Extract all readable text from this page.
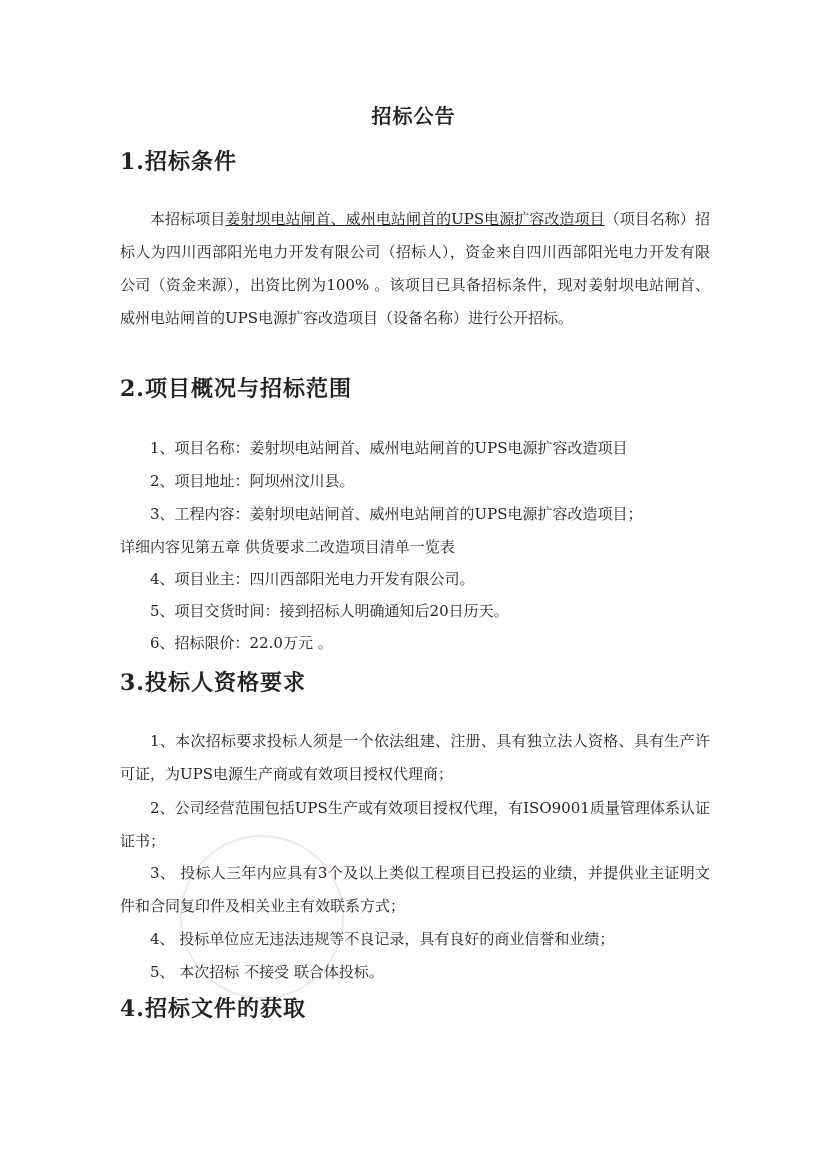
招标公告
1.招标条件

本招标项目姜射坝电站闸首、威州电站闸首的UPS电源扩容改造项目（项目名称）招标人为四川西部阳光电力开发有限公司（招标人），资金来自四川西部阳光电力开发有限公司（资金来源），出资比例为100% 。该项目已具备招标条件，现对姜射坝电站闸首、威州电站闸首的UPS电源扩容改造项目（设备名称）进行公开招标。

2.项目概况与招标范围

1、项目名称：姜射坝电站闸首、威州电站闸首的UPS电源扩容改造项目

2、项目地址：阿坝州汶川县。

3、工程内容：姜射坝电站闸首、威州电站闸首的UPS电源扩容改造项目；

详细内容见第五章 供货要求二改造项目清单一览表

4、项目业主：四川西部阳光电力开发有限公司。

5、项目交货时间：接到招标人明确通知后20日历天。

6、招标限价：22.0万元 。

3.投标人资格要求

1、本次招标要求投标人须是一个依法组建、注册、具有独立法人资格、具有生产许可证，为UPS电源生产商或有效项目授权代理商；

2、公司经营范围包括UPS生产或有效项目授权代理，有ISO9001质量管理体系认证证书；

3、 投标人三年内应具有3个及以上类似工程项目已投运的业绩，并提供业主证明文件和合同复印件及相关业主有效联系方式；

4、 投标单位应无违法违规等不良记录，具有良好的商业信誉和业绩；

5、 本次招标 不接受 联合体投标。

4.招标文件的获取
